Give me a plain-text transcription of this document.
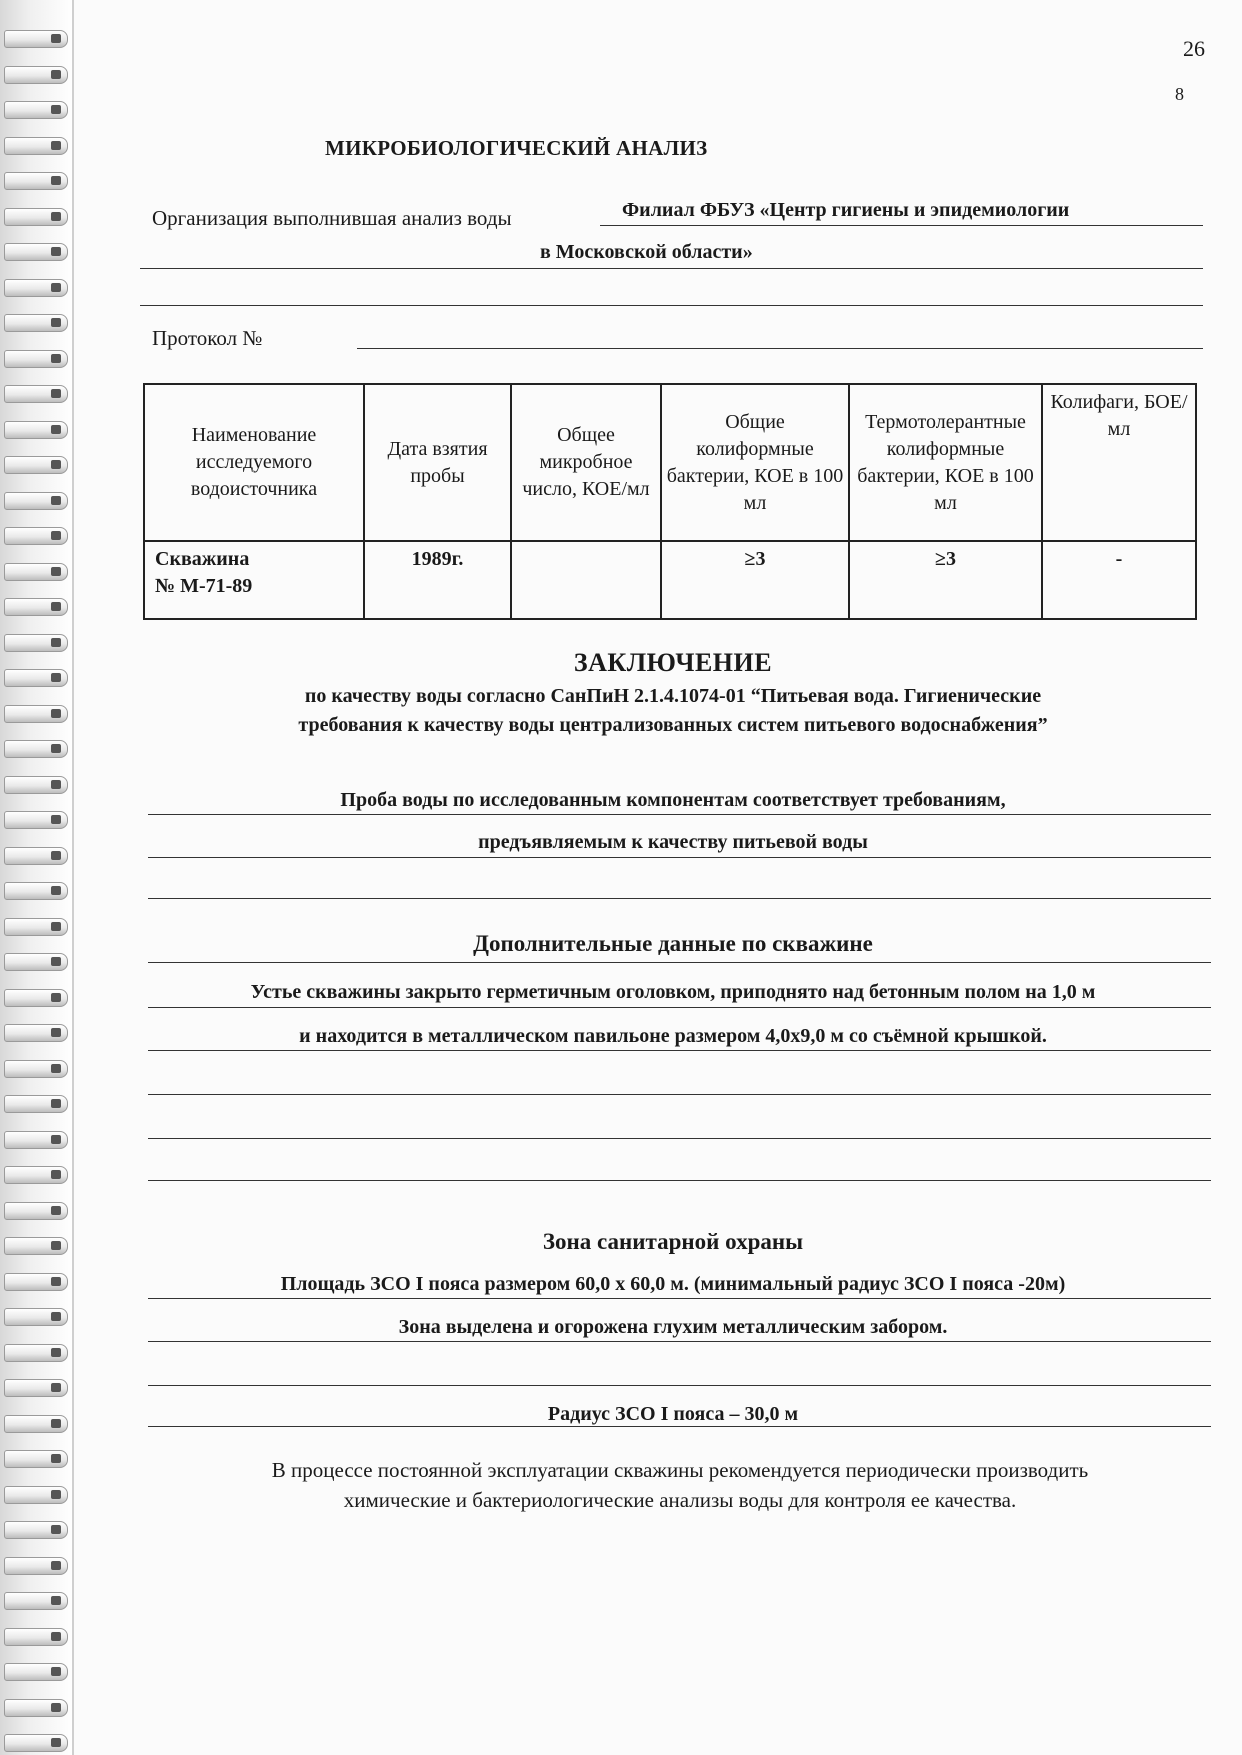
26
8
МИКРОБИОЛОГИЧЕСКИЙ АНАЛИЗ
Организация выполнившая анализ воды	Филиал ФБУЗ «Центр гигиены и эпидемиологии
в Московской области»
Протокол №
Наименование исследуемого водоисточника	Дата взятия пробы	Общее микробное число, КОЕ/мл	Общие колиформные бактерии, КОЕ в 100 мл	Термотолерантные колиформные бактерии, КОЕ в 100 мл	Колифаги, БОЕ/мл

Скважина
№ М-71-89	1989г.		≥3	≥3	-
ЗАКЛЮЧЕНИЕ
по качеству воды согласно СанПиН 2.1.4.1074-01 “Питьевая вода. Гигиенические
требования к качеству воды централизованных систем питьевого водоснабжения”
Проба воды по исследованным компонентам соответствует требованиям,
предъявляемым к качеству питьевой воды
Дополнительные данные по скважине
Устье скважины закрыто герметичным оголовком, приподнято над бетонным полом на 1,0 м
и находится в металлическом павильоне размером 4,0х9,0 м со съёмной крышкой.
Зона санитарной охраны
Площадь ЗСО I пояса размером 60,0 х 60,0 м. (минимальный радиус ЗСО I пояса -20м)
Зона выделена и огорожена глухим металлическим забором.
Радиус ЗСО I пояса – 30,0 м
В процессе постоянной эксплуатации скважины рекомендуется периодически производить
химические и бактериологические анализы воды для контроля ее качества.
